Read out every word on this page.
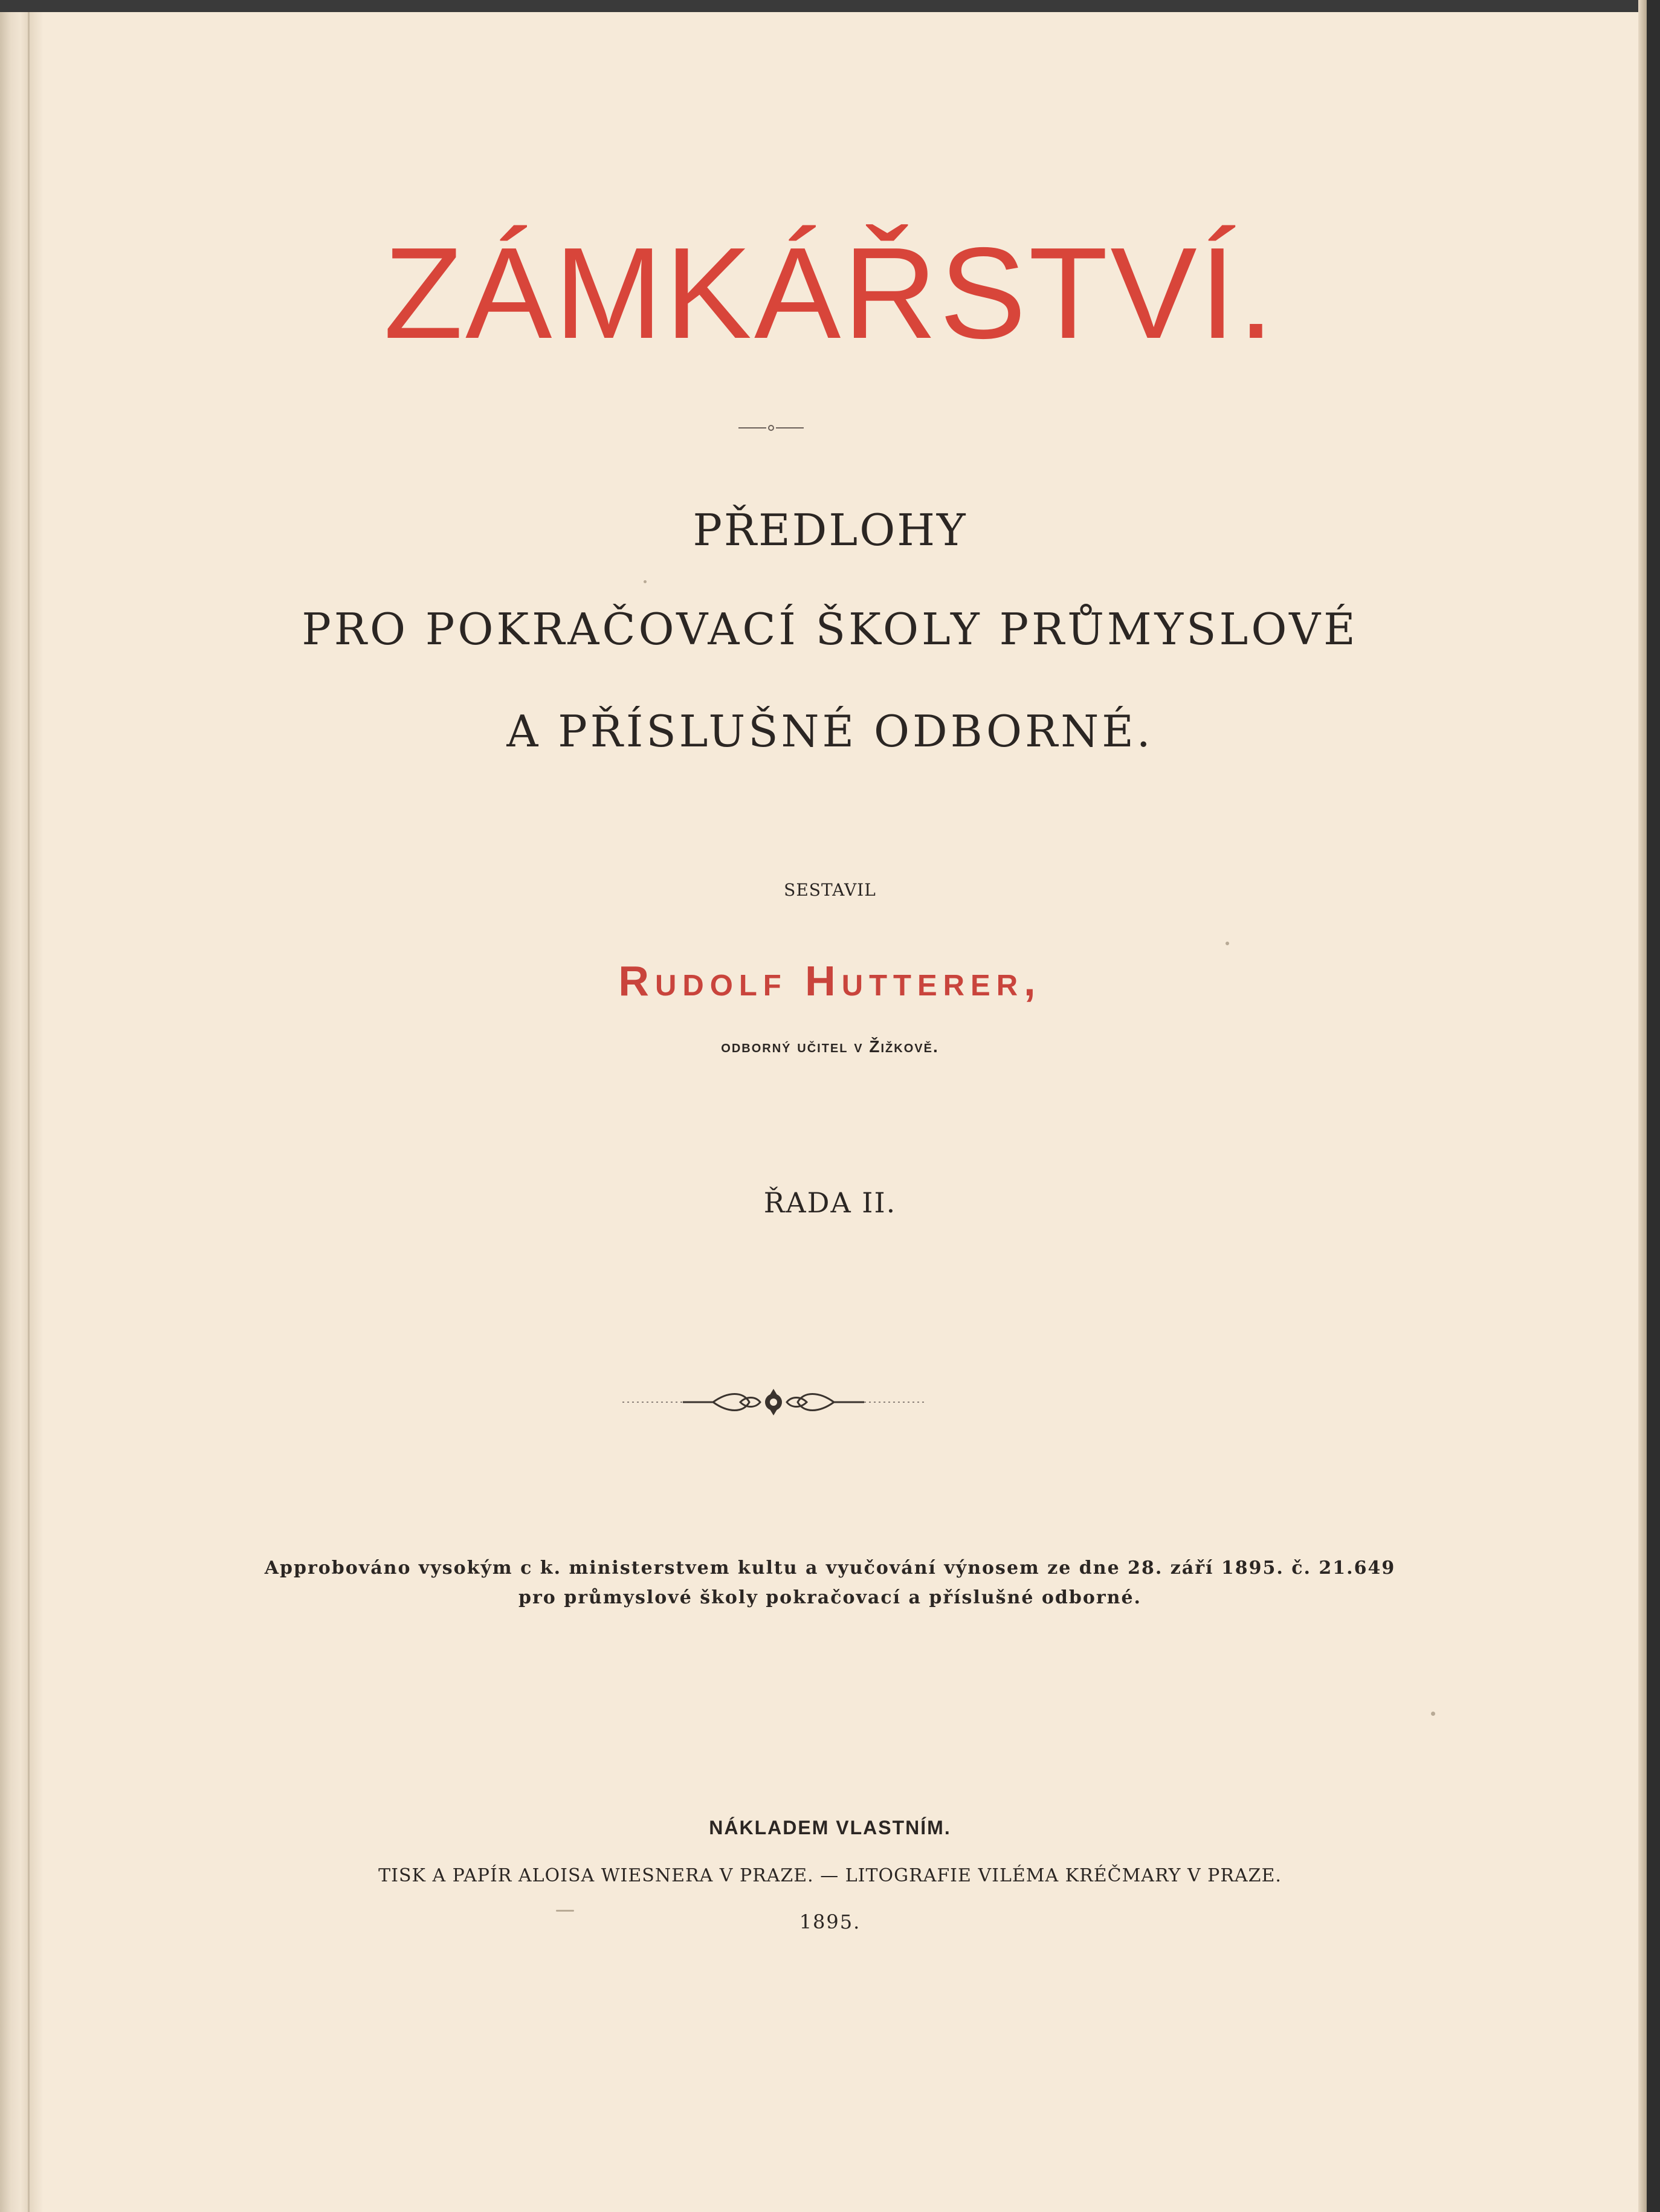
ZÁMKÁŘSTVÍ.
PŘEDLOHY
PRO POKRAČOVACÍ ŠKOLY PRŮMYSLOVÉ
A PŘÍSLUŠNÉ ODBORNÉ.
SESTAVIL
Rudolf Hutterer,
odborný učitel v Žižkově.
ŘADA II.
Approbováno vysokým c k. ministerstvem kultu a vyučování výnosem ze dne 28. září 1895. č. 21.649
pro průmyslové školy pokračovací a příslušné odborné.
NÁKLADEM VLASTNÍM.
TISK A PAPÍR ALOISA WIESNERA V PRAZE. — LITOGRAFIE VILÉMA KRÉČMARY V PRAZE.
1895.
